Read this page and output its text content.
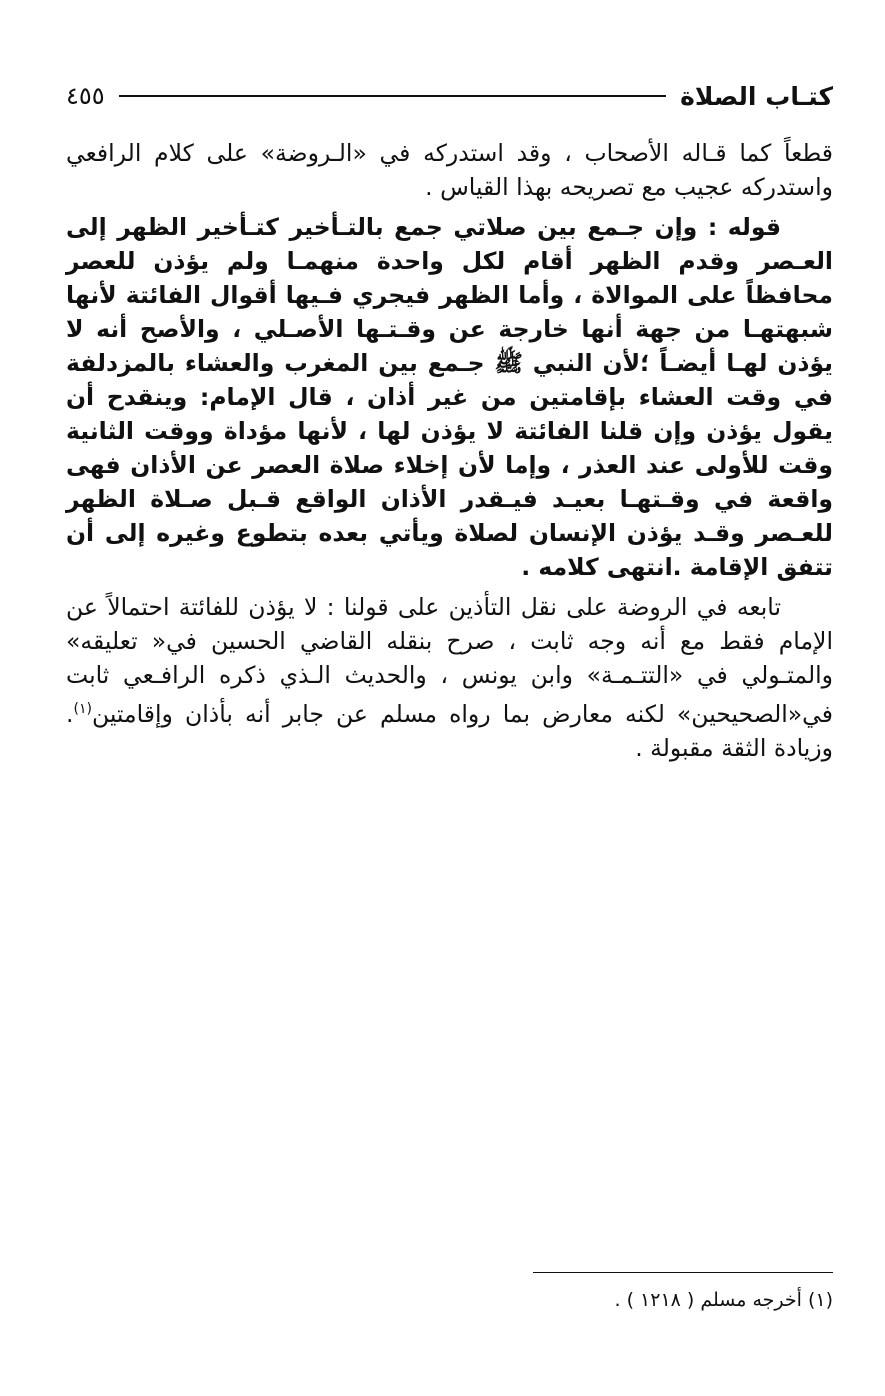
كتـاب الصلاة
٤٥٥

قطعاً كما قـاله الأصحاب ، وقد استدركه في «الـروضة» على كلام الرافعي واستدركه عجيب مع تصريحه بهذا القياس .

قوله : وإن جـمع بين صلاتي جمع بالتـأخير كتـأخير الظهر إلى العـصر وقدم الظهر أقام لكل واحدة منهمـا ولم يؤذن للعصر محافظاً على الموالاة ، وأما الظهر فيجري فـيها أقوال الفائتة لأنها شبهتهـا من جهة أنها خارجة عن وقـتـها الأصـلي ، والأصح أنه لا يؤذن لهـا أيضـاً ؛لأن النبي ﷺ جـمع بين المغرب والعشاء بالمزدلفة في وقت العشاء بإقامتين من غير أذان ، قال الإمام: وينقدح أن يقول يؤذن وإن قلنا الفائتة لا يؤذن لها ، لأنها مؤداة ووقت الثانية وقت للأولى عند العذر ، وإما لأن إخلاء صلاة العصر عن الأذان فهى واقعة في وقـتهـا بعيـد فيـقدر الأذان الواقع قـبل صـلاة الظهر للعـصر وقـد يؤذن الإنسان لصلاة ويأتي بعده بتطوع وغيره إلى أن تتفق الإقامة .انتهى كلامه .

تابعه في الروضة على نقل التأذين على قولنا : لا يؤذن للفائتة احتمالاً عن الإمام فقط مع أنه وجه ثابت ، صرح بنقله القاضي الحسين في« تعليقه» والمتـولي في «التتـمـة» وابن يونس ، والحديث الـذي ذكره الرافـعي ثابت في«الصحيحين» لكنه معارض بما رواه مسلم عن جابر أنه بأذان وإقامتين$^{(١)}$. وزيادة الثقة مقبولة .

(١) أخرجه مسلم ( ١٢١٨ ) .
